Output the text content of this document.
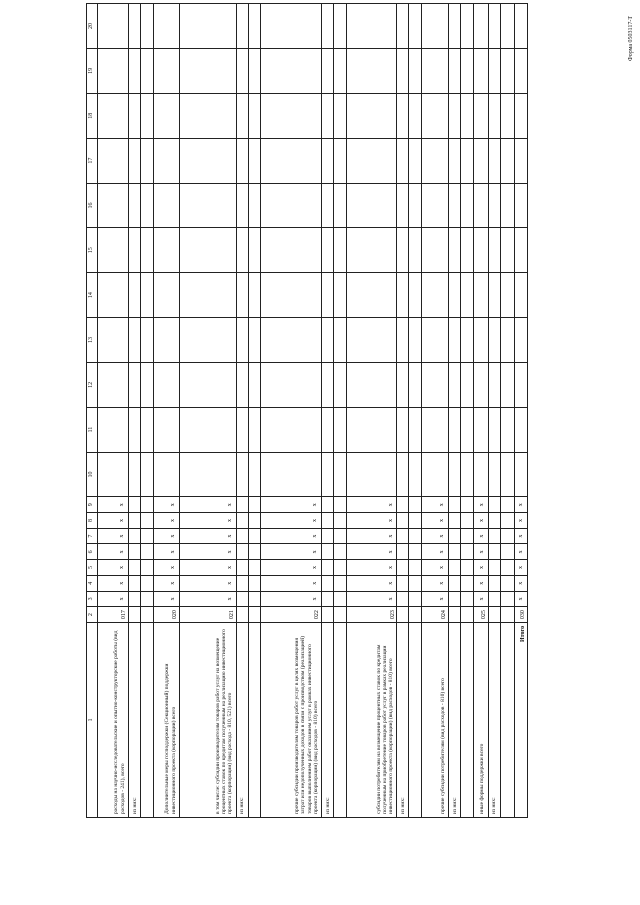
1	2	3	4	5	6	7	8	9	10	11	12	13	14	15	16	17	18	19	20
расходы на научно-исследовательские и опытно-конструкторские работы (вид расходов - 241), всего	017	x	x	x	x	x	x	x											
из них:																			

Дополнительные меры господдержки (Секционный) поддержки инвестиционного проекта (корпорации) всего	020	x	x	x	x	x	x	x											
в том числе: субсидии производителям товаров работ услуг на возмещение процентных ставок по кредитам полученным на реализацию инвестиционного проекта (корпорации) (вид расхода - 810, 521) всего	021	x	x	x	x	x	x	x											
из них:																			

прочие субсидии производителям товаров работ услуг в целях возмещения затрат или недополученных доходов в связи с производством (реализацией) товаров выполнением работ оказанием услуг в рамках инвестиционного проекта (корпорации) (вид расходов - 810) всего	022	x	x	x	x	x	x	x											
из них:																			

субсидии потребителям на возмещение процентных ставок по кредитам полученным на приобретение товаров работ услуг в рамках реализации инвестиционного проекта (корпорации) (вид расходов - 810) всего	023	x	x	x	x	x	x	x											
из них:																			

прочие субсидии потребителям (вид расходов - 810) всего	024	x	x	x	x	x	x	x											
из них:																			

иные формы поддержки всего	025	x	x	x	x	x	x	x											
из них:																			

Итого	030	x	x	x	x	x	x	x											
Форма 0503117-Т
